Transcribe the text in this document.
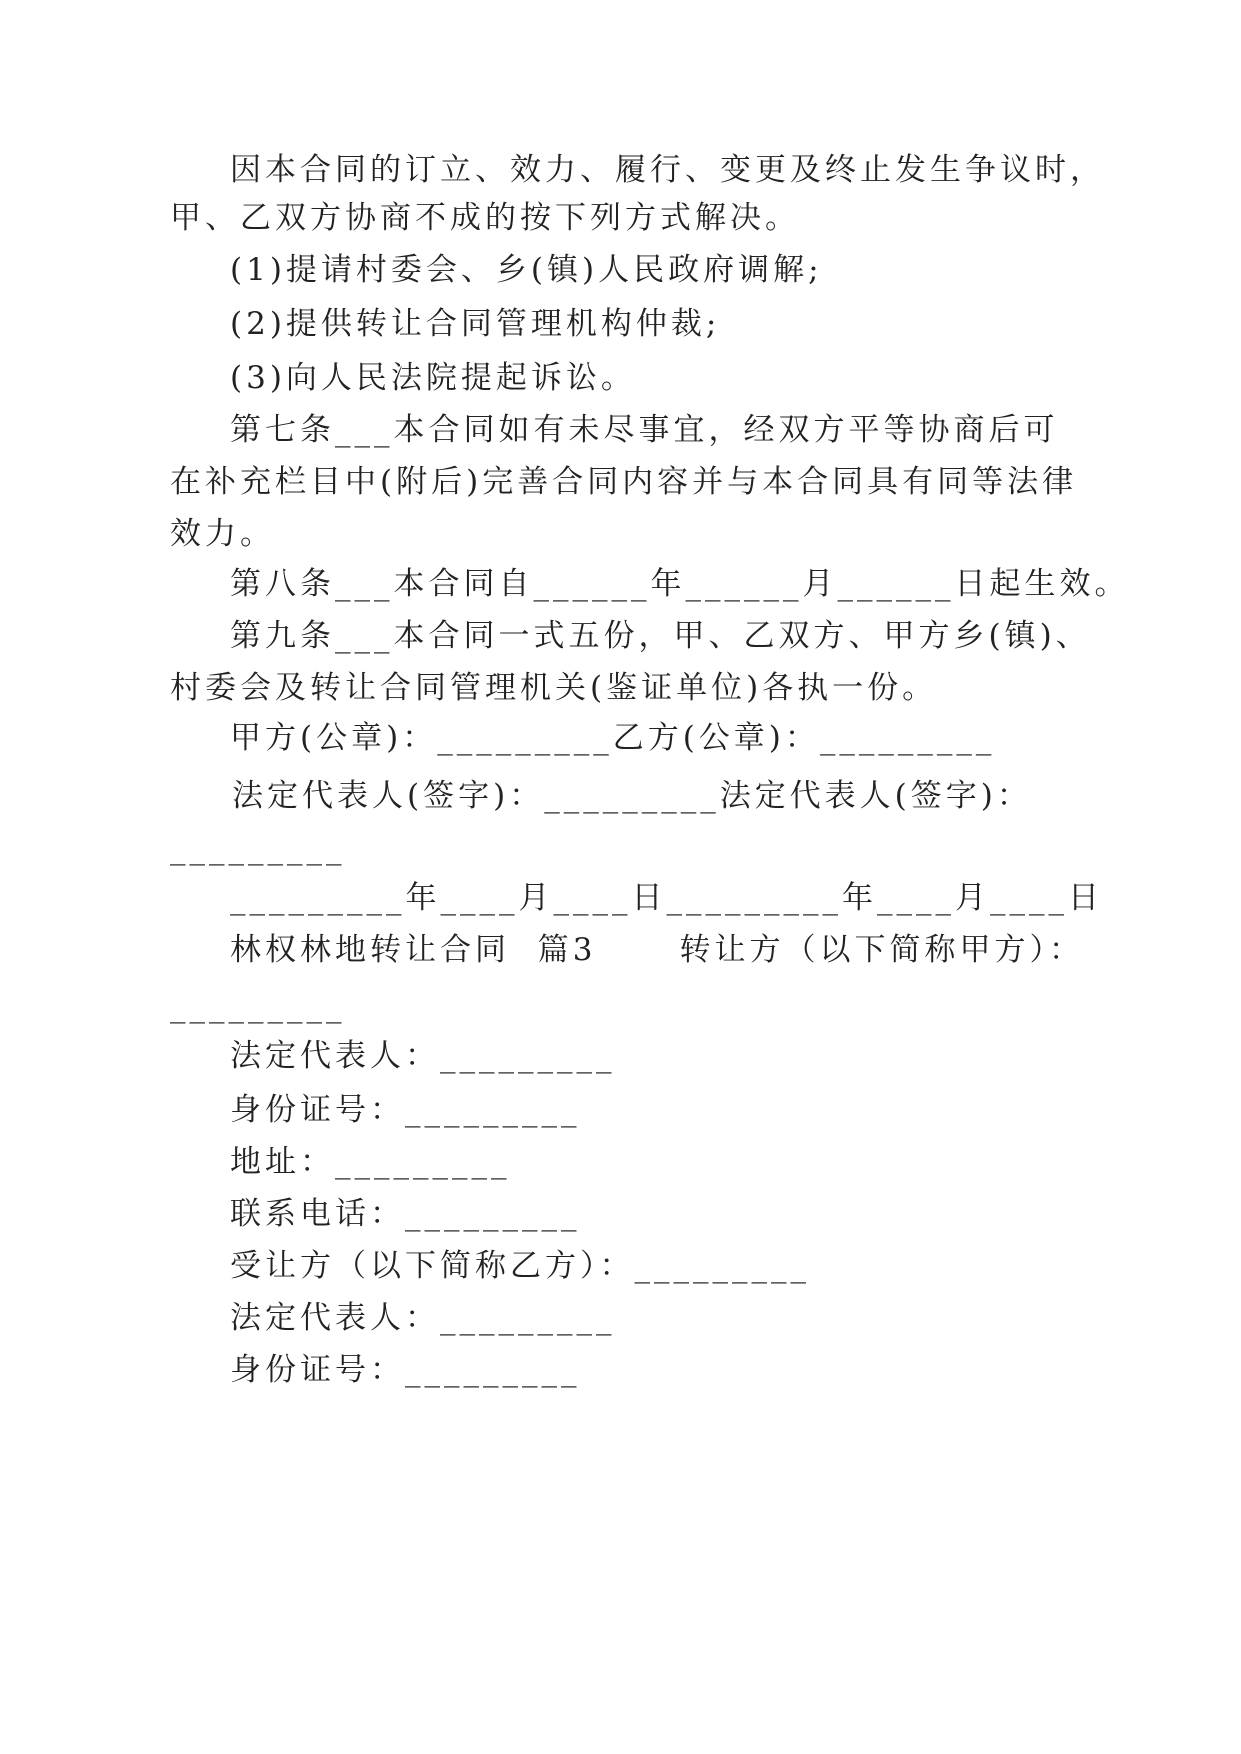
因本合同的订立、效力、履行、变更及终止发生争议时，
甲、乙双方协商不成的按下列方式解决。
(1)提请村委会、乡(镇)人民政府调解;
(2)提供转让合同管理机构仲裁;
(3)向人民法院提起诉讼。
第七条___本合同如有未尽事宜，经双方平等协商后可
在补充栏目中(附后)完善合同内容并与本合同具有同等法律
效力。
第八条___本合同自______年______月______日起生效。
第九条___本合同一式五份，甲、乙双方、甲方乡(镇)、
村委会及转让合同管理机关(鉴证单位)各执一份。
甲方(公章)：_________乙方(公章)：_________
法定代表人(签字)：_________法定代表人(签字)：
_________
_________年____月____日_________年____月____日
林权林地转让合同  篇3      转让方（以下简称甲方）：
_________
法定代表人：_________
身份证号：_________
地址：_________
联系电话：_________
受让方（以下简称乙方）：_________
法定代表人：_________
身份证号：_________
